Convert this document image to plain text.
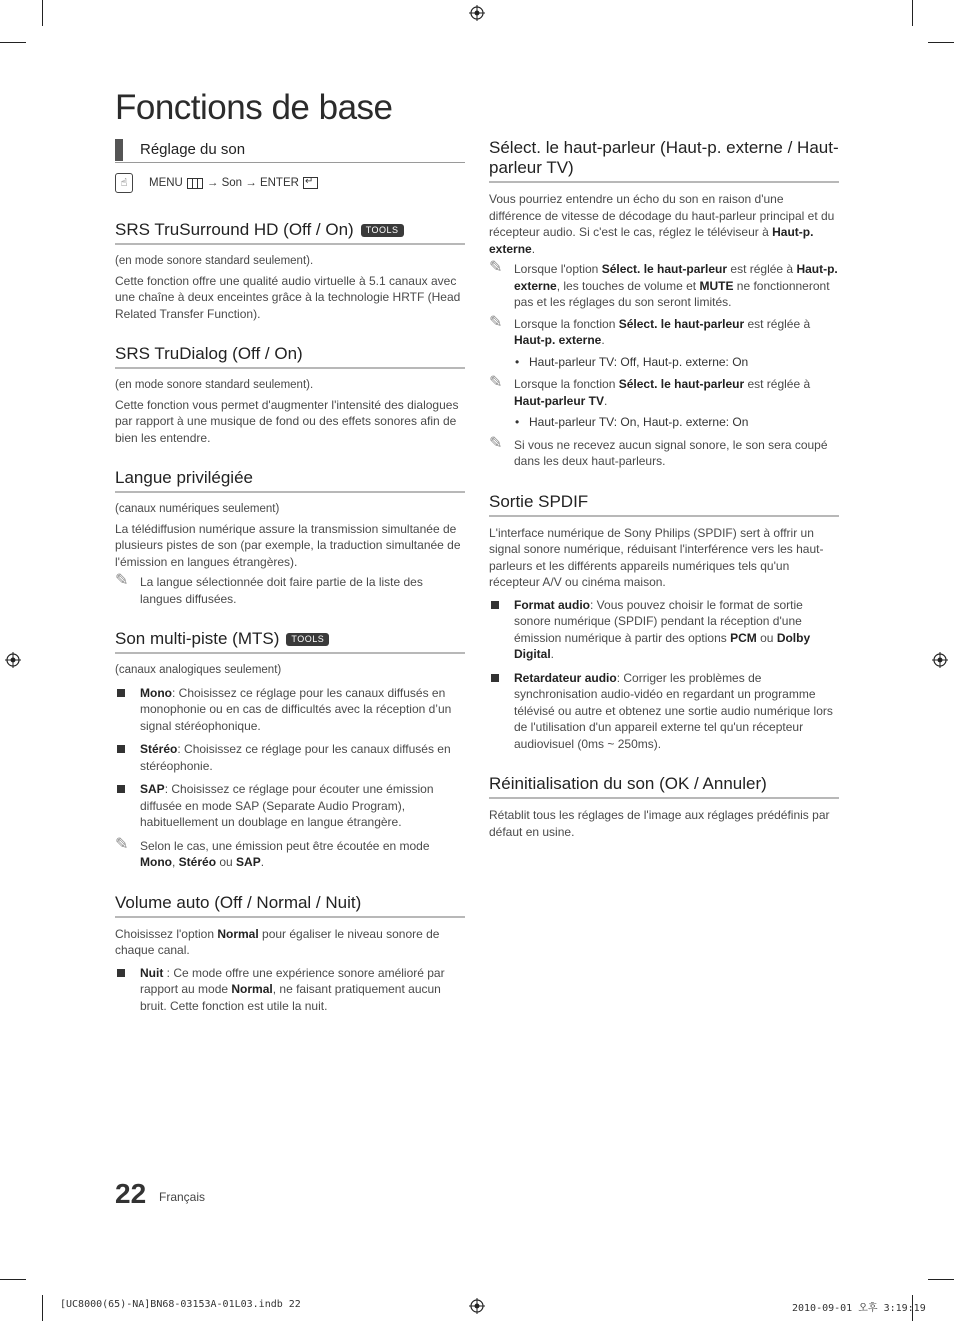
Fonctions de base
Réglage du son
☝	MENU →
Son
→
ENTER
↵
SRS TruSurround HD (Off / On)	TOOLS

(en mode sonore standard seulement).

Cette fonction offre une qualité audio virtuelle à 5.1 canaux avec une chaîne à deux enceintes grâce à la technologie HRTF (Head Related Transfer Function).

SRS TruDialog (Off / On)

(en mode sonore standard seulement).

Cette fonction vous permet d'augmenter l'intensité des dialogues par rapport à une musique de fond ou des effets sonores afin de bien les entendre.

Langue privilégiée

(canaux numériques seulement)

La télédiffusion numérique assure la transmission simultanée de plusieurs pistes de son (par exemple, la traduction simultanée de l'émission en langues étrangères).

✎ La langue sélectionnée doit faire partie de la liste des langues diffusées.
Son multi-piste (MTS)	TOOLS

(canaux analogiques seulement)

Mono: Choisissez ce réglage pour les canaux diffusés en monophonie ou en cas de difficultés avec la réception d’un signal stéréophonique.
Stéréo: Choisissez ce réglage pour les canaux diffusés en stéréophonie.
SAP: Choisissez ce réglage pour écouter une émission diffusée en mode SAP (Separate Audio Program), habituellement un doublage en langue étrangère.
✎ Selon le cas, une émission peut être écoutée en mode Mono, Stéréo ou SAP.
Volume auto (Off / Normal / Nuit)

Choisissez l'option Normal pour égaliser le niveau sonore de chaque canal.

Nuit : Ce mode offre une expérience sonore amélioré par rapport au mode Normal, ne faisant pratiquement aucun bruit. Cette fonction est utile la nuit.
Sélect. le haut-parleur (Haut-p. externe / Haut-parleur TV)

Vous pourriez entendre un écho du son en raison d'une différence de vitesse de décodage du haut-parleur principal et du récepteur audio. Si c'est le cas, réglez le téléviseur à Haut-p. externe.

✎ Lorsque l'option Sélect. le haut-parleur est réglée à Haut-p. externe, les touches de volume et MUTE ne fonctionneront pas et les réglages du son seront limités.
✎ Lorsque la fonction Sélect. le haut-parleur est réglée à Haut-p. externe.
• Haut-parleur TV: Off, Haut-p. externe: On
✎ Lorsque la fonction Sélect. le haut-parleur est réglée à Haut-parleur TV.
• Haut-parleur TV: On, Haut-p. externe: On
✎ Si vous ne recevez aucun signal sonore, le son sera coupé dans les deux haut-parleurs.
Sortie SPDIF

L'interface numérique de Sony Philips (SPDIF) sert à offrir un signal sonore numérique, réduisant l'interférence vers les haut-parleurs et les différents appareils numériques tels qu'un récepteur A/V ou cinéma maison.

Format audio: Vous pouvez choisir le format de sortie sonore numérique (SPDIF) pendant la réception d'une émission numérique à partir des options PCM ou Dolby Digital.
Retardateur audio: Corriger les problèmes de synchronisation audio-vidéo en regardant un programme télévisé ou autre et obtenez une sortie audio numérique lors de l'utilisation d'un appareil externe tel qu'un récepteur audiovisuel (0ms ~ 250ms).
Réinitialisation du son (OK / Annuler)

Rétablit tous les réglages de l'image aux réglages prédéfinis par défaut en usine.

22 Français
[UC8000(65)-NA]BN68-03153A-01L03.indb 22	2010-09-01 오후 3:19:19
